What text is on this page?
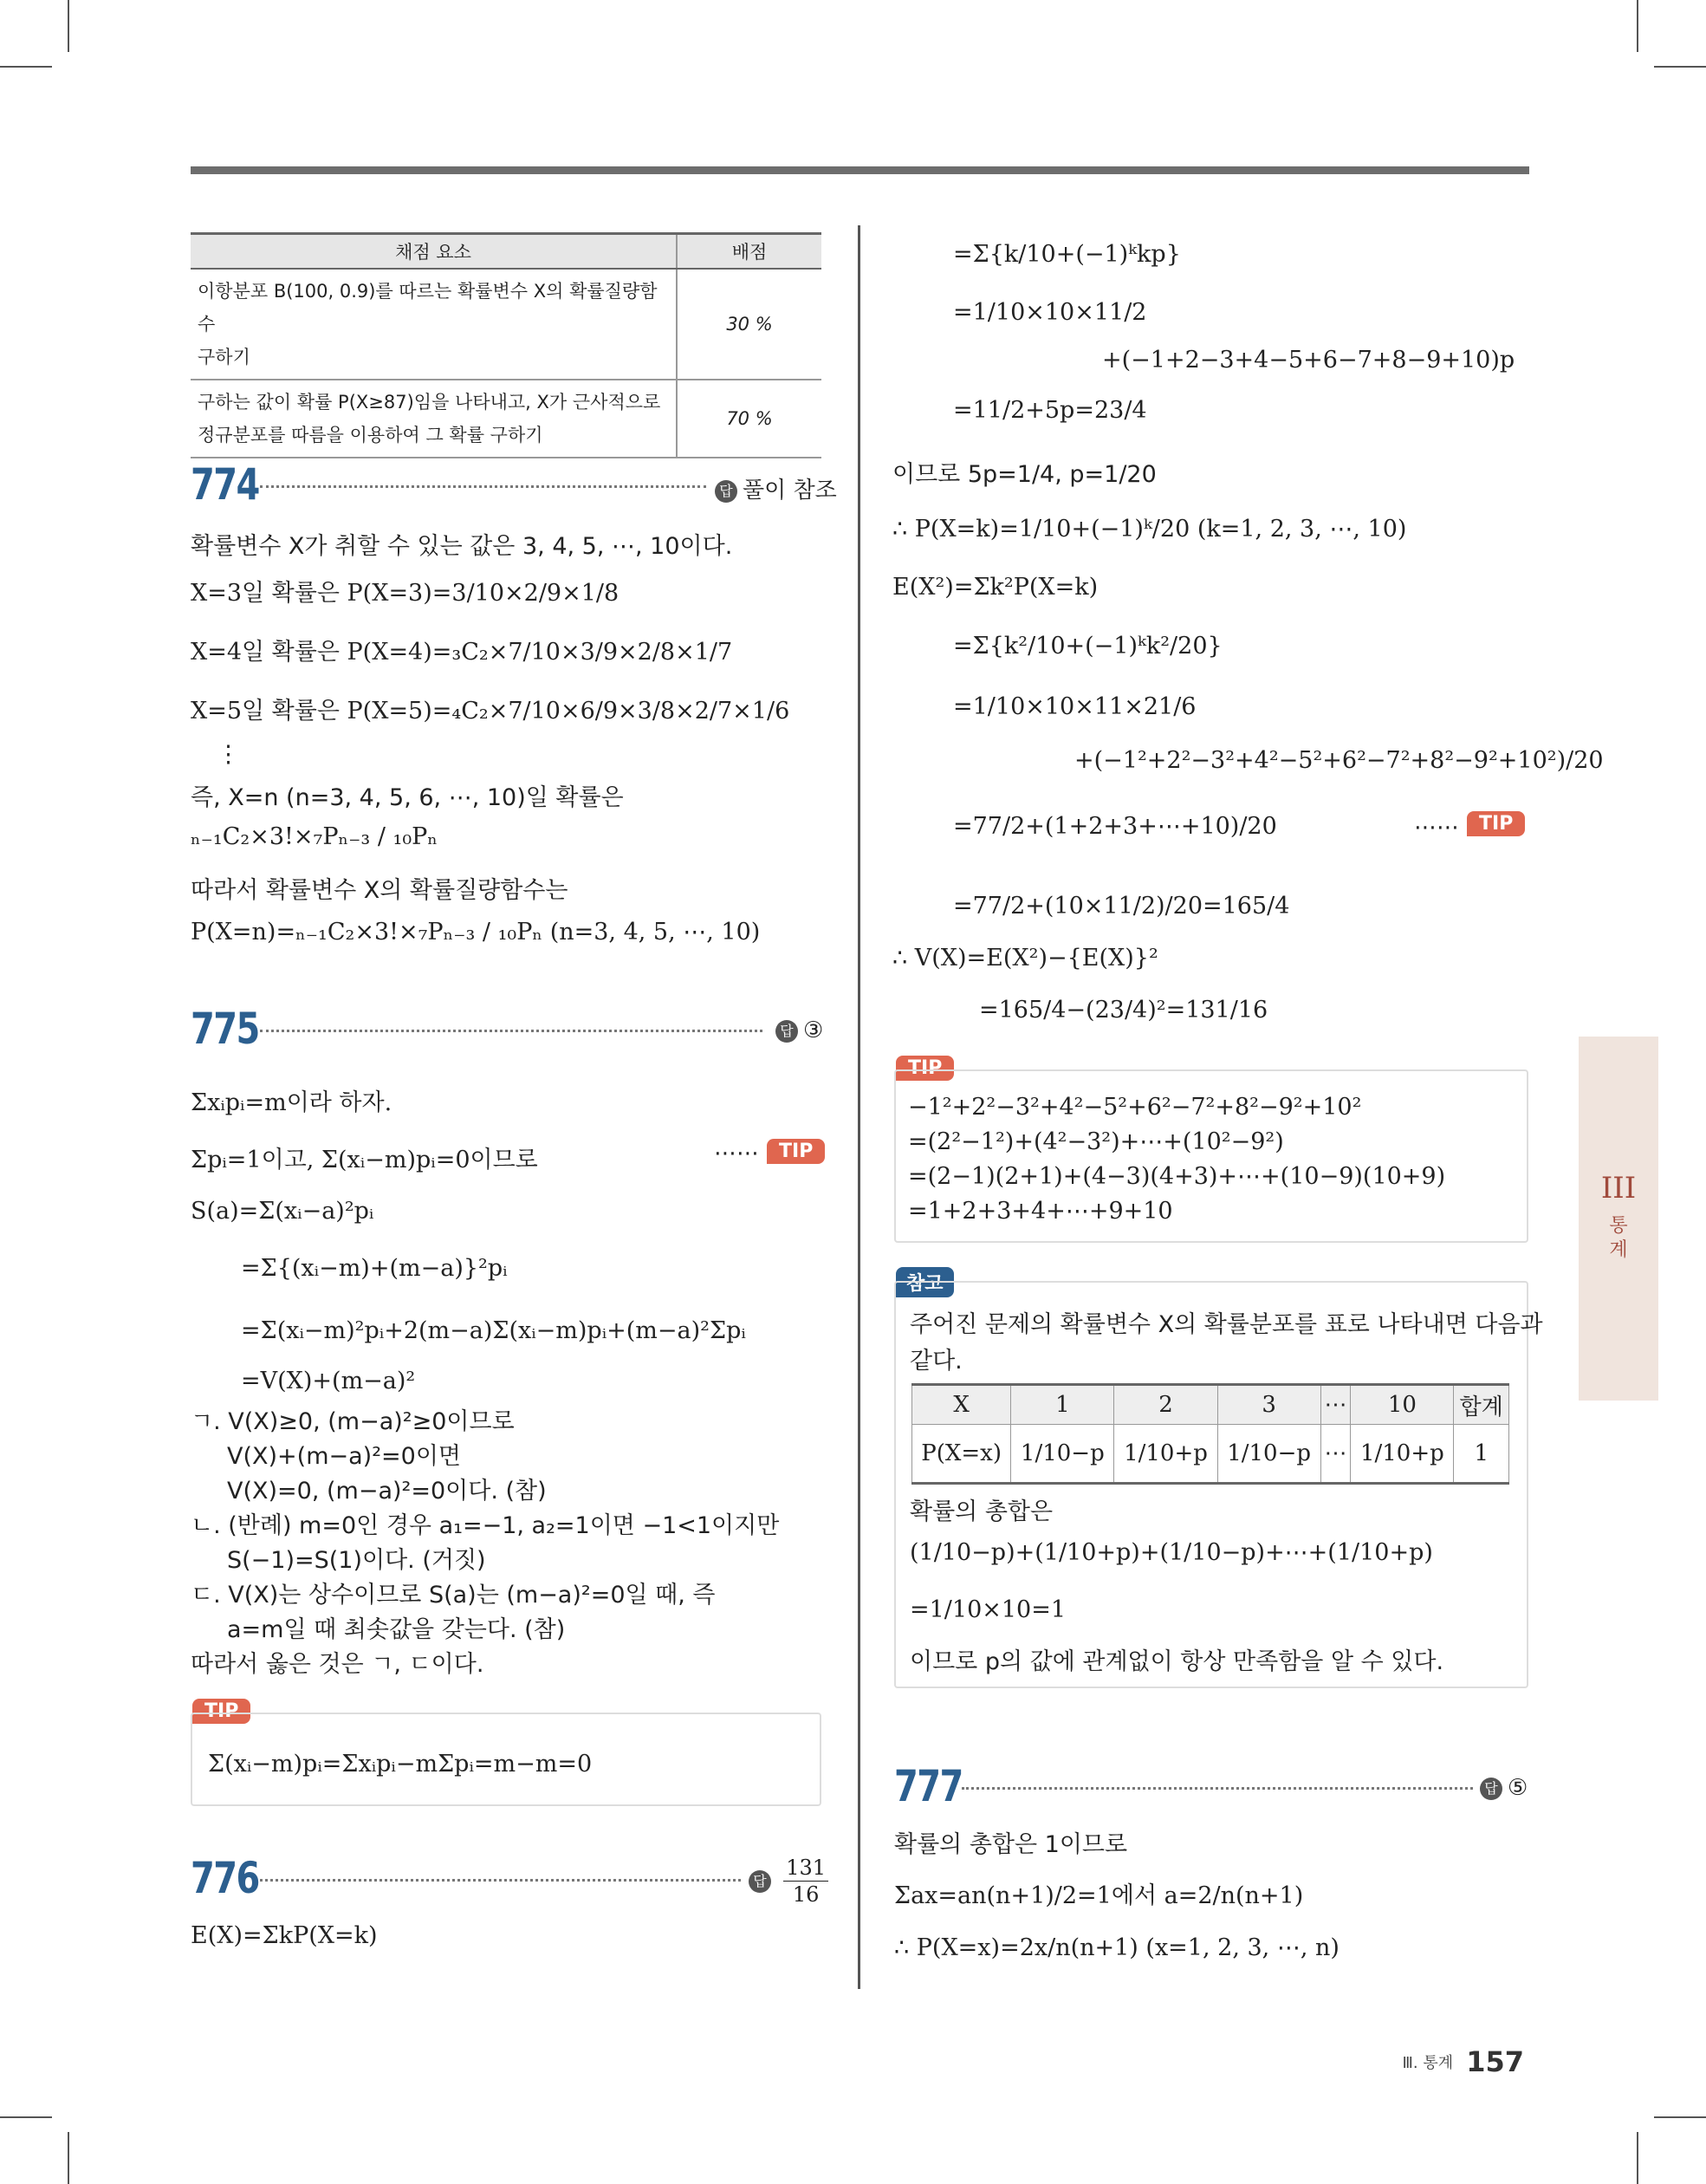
채점 요소	배점

이항분포 B(100, 0.9)를 따르는 확률변수 X의 확률질량함수
구하기	30 %

구하는 값이 확률 P(X≥87)임을 나타내고, X가 근사적으로
정규분포를 따름을 이용하여 그 확률 구하기	70 %
774	답 풀이 참조
확률변수 X가 취할 수 있는 값은 3, 4, 5, ⋯, 10이다.
X=3일 확률은 P(X=3)=3/10×2/9×1/8
X=4일 확률은 P(X=4)=₃C₂×7/10×3/9×2/8×1/7
X=5일 확률은 P(X=5)=₄C₂×7/10×6/9×3/8×2/7×1/6
⋮
즉, X=n (n=3, 4, 5, 6, ⋯, 10)일 확률은
ₙ₋₁C₂×3!×₇Pₙ₋₃ / ₁₀Pₙ
따라서 확률변수 X의 확률질량함수는
P(X=n)=ₙ₋₁C₂×3!×₇Pₙ₋₃ / ₁₀Pₙ (n=3, 4, 5, ⋯, 10)
775	답 ③
Σxᵢpᵢ=m이라 하자.
Σpᵢ=1이고, Σ(xᵢ−m)pᵢ=0이므로	⋯⋯	TIP
S(a)=Σ(xᵢ−a)²pᵢ
=Σ{(xᵢ−m)+(m−a)}²pᵢ
=Σ(xᵢ−m)²pᵢ+2(m−a)Σ(xᵢ−m)pᵢ+(m−a)²Σpᵢ
=V(X)+(m−a)²
ㄱ. V(X)≥0, (m−a)²≥0이므로
V(X)+(m−a)²=0이면
V(X)=0, (m−a)²=0이다. (참)
ㄴ. (반례) m=0인 경우 a₁=−1, a₂=1이면 −1<1이지만
S(−1)=S(1)이다. (거짓)
ㄷ. V(X)는 상수이므로 S(a)는 (m−a)²=0일 때, 즉
a=m일 때 최솟값을 갖는다. (참)
따라서 옳은 것은 ㄱ, ㄷ이다.
TIP
Σ(xᵢ−m)pᵢ=Σxᵢpᵢ−mΣpᵢ=m−m=0
776	답 $\frac{131}{16}$
E(X)=ΣkP(X=k)
=Σ{k/10+(−1)ᵏkp}
=1/10×10×11/2
+(−1+2−3+4−5+6−7+8−9+10)p
=11/2+5p=23/4
이므로 5p=1/4, p=1/20
∴ P(X=k)=1/10+(−1)ᵏ/20 (k=1, 2, 3, ⋯, 10)
E(X²)=Σk²P(X=k)
=Σ{k²/10+(−1)ᵏk²/20}
=1/10×10×11×21/6
+(−1²+2²−3²+4²−5²+6²−7²+8²−9²+10²)/20
=77/2+(1+2+3+⋯+10)/20	⋯⋯	TIP
=77/2+(10×11/2)/20=165/4
∴ V(X)=E(X²)−{E(X)}²
=165/4−(23/4)²=131/16
TIP
−1²+2²−3²+4²−5²+6²−7²+8²−9²+10²
=(2²−1²)+(4²−3²)+⋯+(10²−9²)
=(2−1)(2+1)+(4−3)(4+3)+⋯+(10−9)(10+9)
=1+2+3+4+⋯+9+10
참고
주어진 문제의 확률변수 X의 확률분포를 표로 나타내면 다음과
같다.
X	1	2	3	⋯	10	합계
P(X=x)	1/10−p	1/10+p	1/10−p	⋯	1/10+p	1
확률의 총합은
(1/10−p)+(1/10+p)+(1/10−p)+⋯+(1/10+p)
=1/10×10=1
이므로 p의 값에 관계없이 항상 만족함을 알 수 있다.
777	답 ⑤
확률의 총합은 1이므로
Σax=an(n+1)/2=1에서 a=2/n(n+1)
∴ P(X=x)=2x/n(n+1) (x=1, 2, 3, ⋯, n)
III
통계
Ⅲ. 통계 157
